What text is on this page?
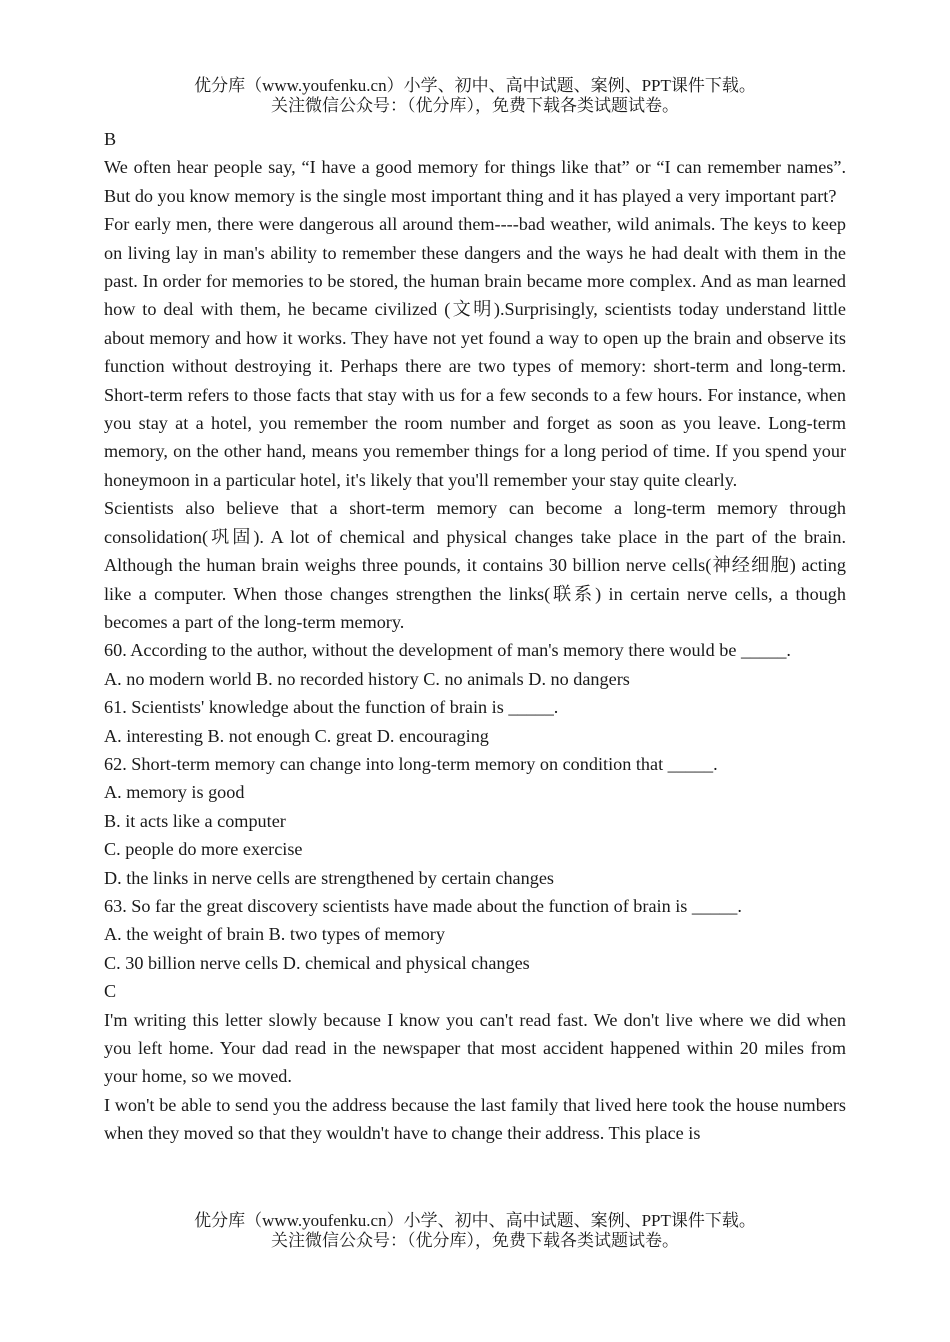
优分库（www.youfenku.cn）小学、初中、高中试题、案例、PPT课件下载。
关注微信公众号：（优分库），免费下载各类试题试卷。

B

We often hear people say, “I have a good memory for things like that” or “I can remember names”. But do you know memory is the single most important thing and it has played a very important part?

For early men, there were dangerous all around them----bad weather, wild animals. The keys to keep on living lay in man's ability to remember these dangers and the ways he had dealt with them in the past. In order for memories to be stored, the human brain became more complex. And as man learned how to deal with them, he became civilized (文明).Surprisingly, scientists today understand little about memory and how it works. They have not yet found a way to open up the brain and observe its function without destroying it. Perhaps there are two types of memory: short-term and long-term. Short-term refers to those facts that stay with us for a few seconds to a few hours. For instance, when you stay at a hotel, you remember the room number and forget as soon as you leave. Long-term memory, on the other hand, means you remember things for a long period of time. If you spend your honeymoon in a particular hotel, it's likely that you'll remember your stay quite clearly.

Scientists also believe that a short-term memory can become a long-term memory through consolidation(巩固). A lot of chemical and physical changes take place in the part of the brain. Although the human brain weighs three pounds, it contains 30 billion nerve cells(神经细胞) acting like a computer. When those changes strengthen the links(联系) in certain nerve cells, a though becomes a part of the long-term memory.

60. According to the author, without the development of man's memory there would be _____.

A. no modern world B. no recorded history C. no animals D. no dangers

61. Scientists' knowledge about the function of brain is _____.

A. interesting B. not enough C. great D. encouraging

62. Short-term memory can change into long-term memory on condition that _____.

A. memory is good

B. it acts like a computer

C. people do more exercise

D. the links in nerve cells are strengthened by certain changes

63. So far the great discovery scientists have made about the function of brain is _____.

A. the weight of brain B. two types of memory

C. 30 billion nerve cells D. chemical and physical changes

C

I'm writing this letter slowly because I know you can't read fast. We don't live where we did when you left home. Your dad read in the newspaper that most accident happened within 20 miles from your home, so we moved.

I won't be able to send you the address because the last family that lived here took the house numbers when they moved so that they wouldn't have to change their address. This place is

优分库（www.youfenku.cn）小学、初中、高中试题、案例、PPT课件下载。
关注微信公众号：（优分库），免费下载各类试题试卷。
